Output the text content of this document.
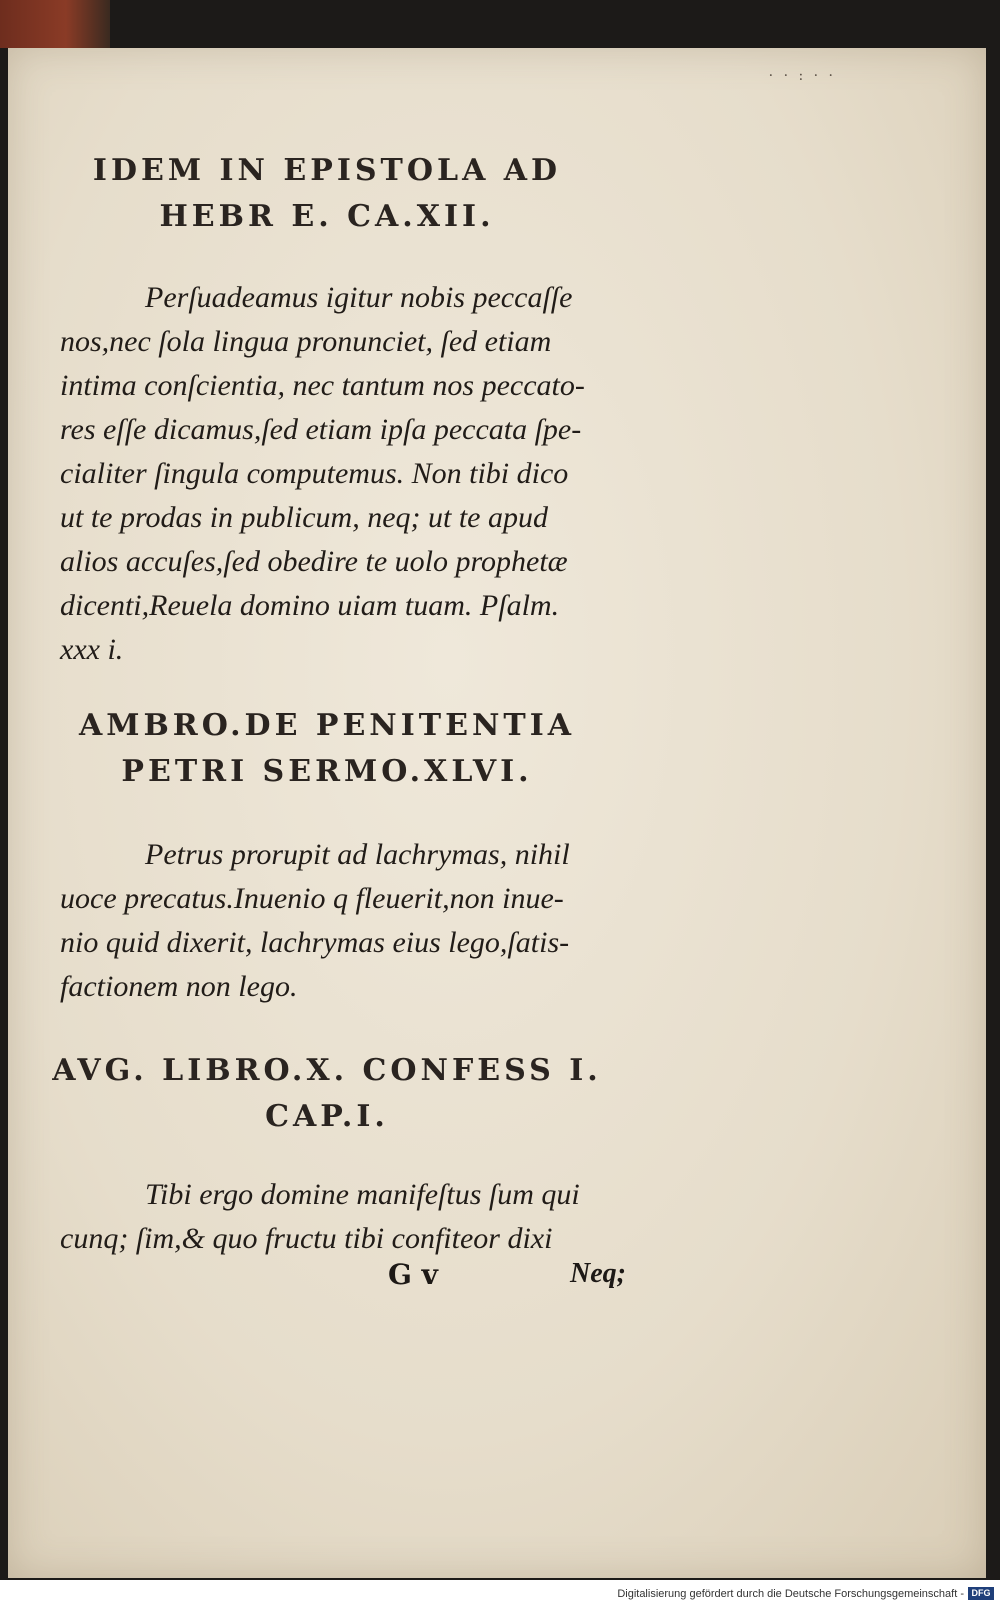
· · : · ·
IDEM IN EPISTOLA AD
HEBR E. CA.XII.
Perſuadeamus igitur nobis peccaſſe
nos,nec ſola lingua pronunciet, ſed etiam
intima conſcientia, nec tantum nos peccato-
res eſſe dicamus,ſed etiam ipſa peccata ſpe-
cialiter ſingula computemus. Non tibi dico
ut te prodas in publicum, neq; ut te apud
alios accuſes,ſed obedire te uolo prophetæ
dicenti,Reuela domino uiam tuam. Pſalm.
xxx i.
AMBRO.DE PENITENTIA
PETRI SERMO.XLVI.
Petrus prorupit ad lachrymas, nihil
uoce precatus.Inuenio q fleuerit,non inue-
nio quid dixerit, lachrymas eius lego,ſatis-
factionem non lego.
AVG. LIBRO.X. CONFESS I.
CAP.I.
Tibi ergo domine manifeſtus ſum qui
cunq; ſim,& quo fructu tibi confiteor dixi
G v	Neq;
Digitalisierung gefördert durch die Deutsche Forschungsgemeinschaft - DFG
